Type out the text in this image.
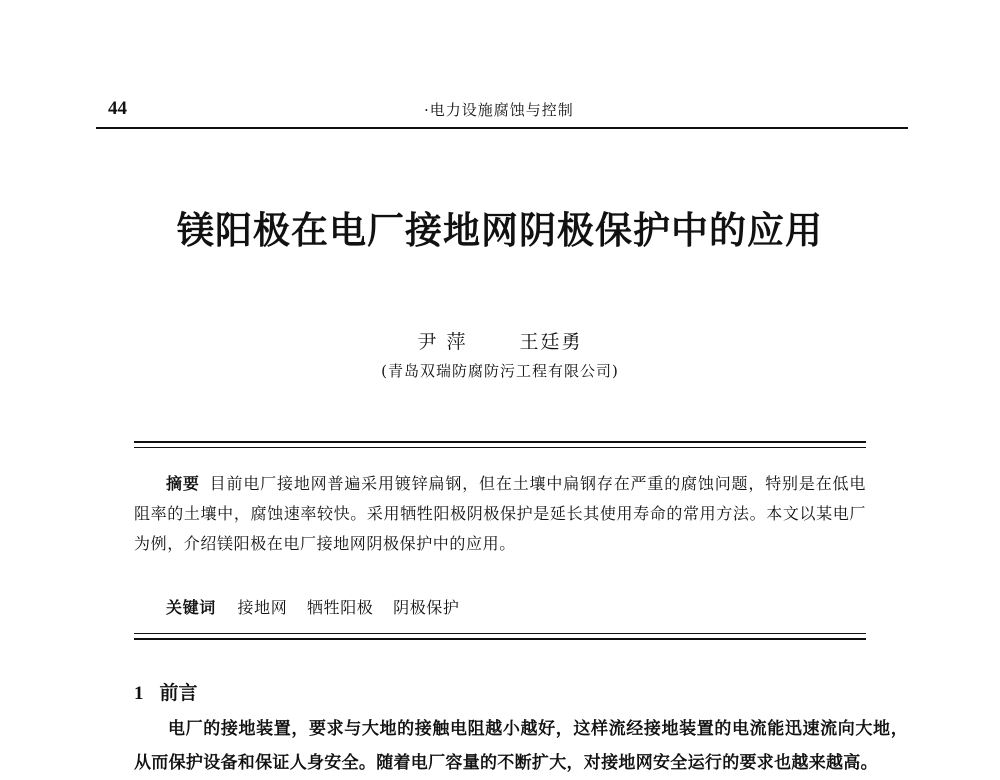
44	·电力设施腐蚀与控制
镁阳极在电厂接地网阴极保护中的应用
尹 萍	王廷勇
(青岛双瑞防腐防污工程有限公司)
摘要 目前电厂接地网普遍采用镀锌扁钢，但在土壤中扁钢存在严重的腐蚀问题，特别是在低电阻率的土壤中，腐蚀速率较快。采用牺牲阳极阴极保护是延长其使用寿命的常用方法。本文以某电厂为例，介绍镁阳极在电厂接地网阴极保护中的应用。
关键词 接地网 牺牲阳极 阴极保护
1 前言
电厂的接地装置，要求与大地的接触电阻越小越好，这样流经接地装置的电流能迅速流向大地，从而保护设备和保证人身安全。随着电厂容量的不断扩大，对接地网安全运行的要求也越来越高。
